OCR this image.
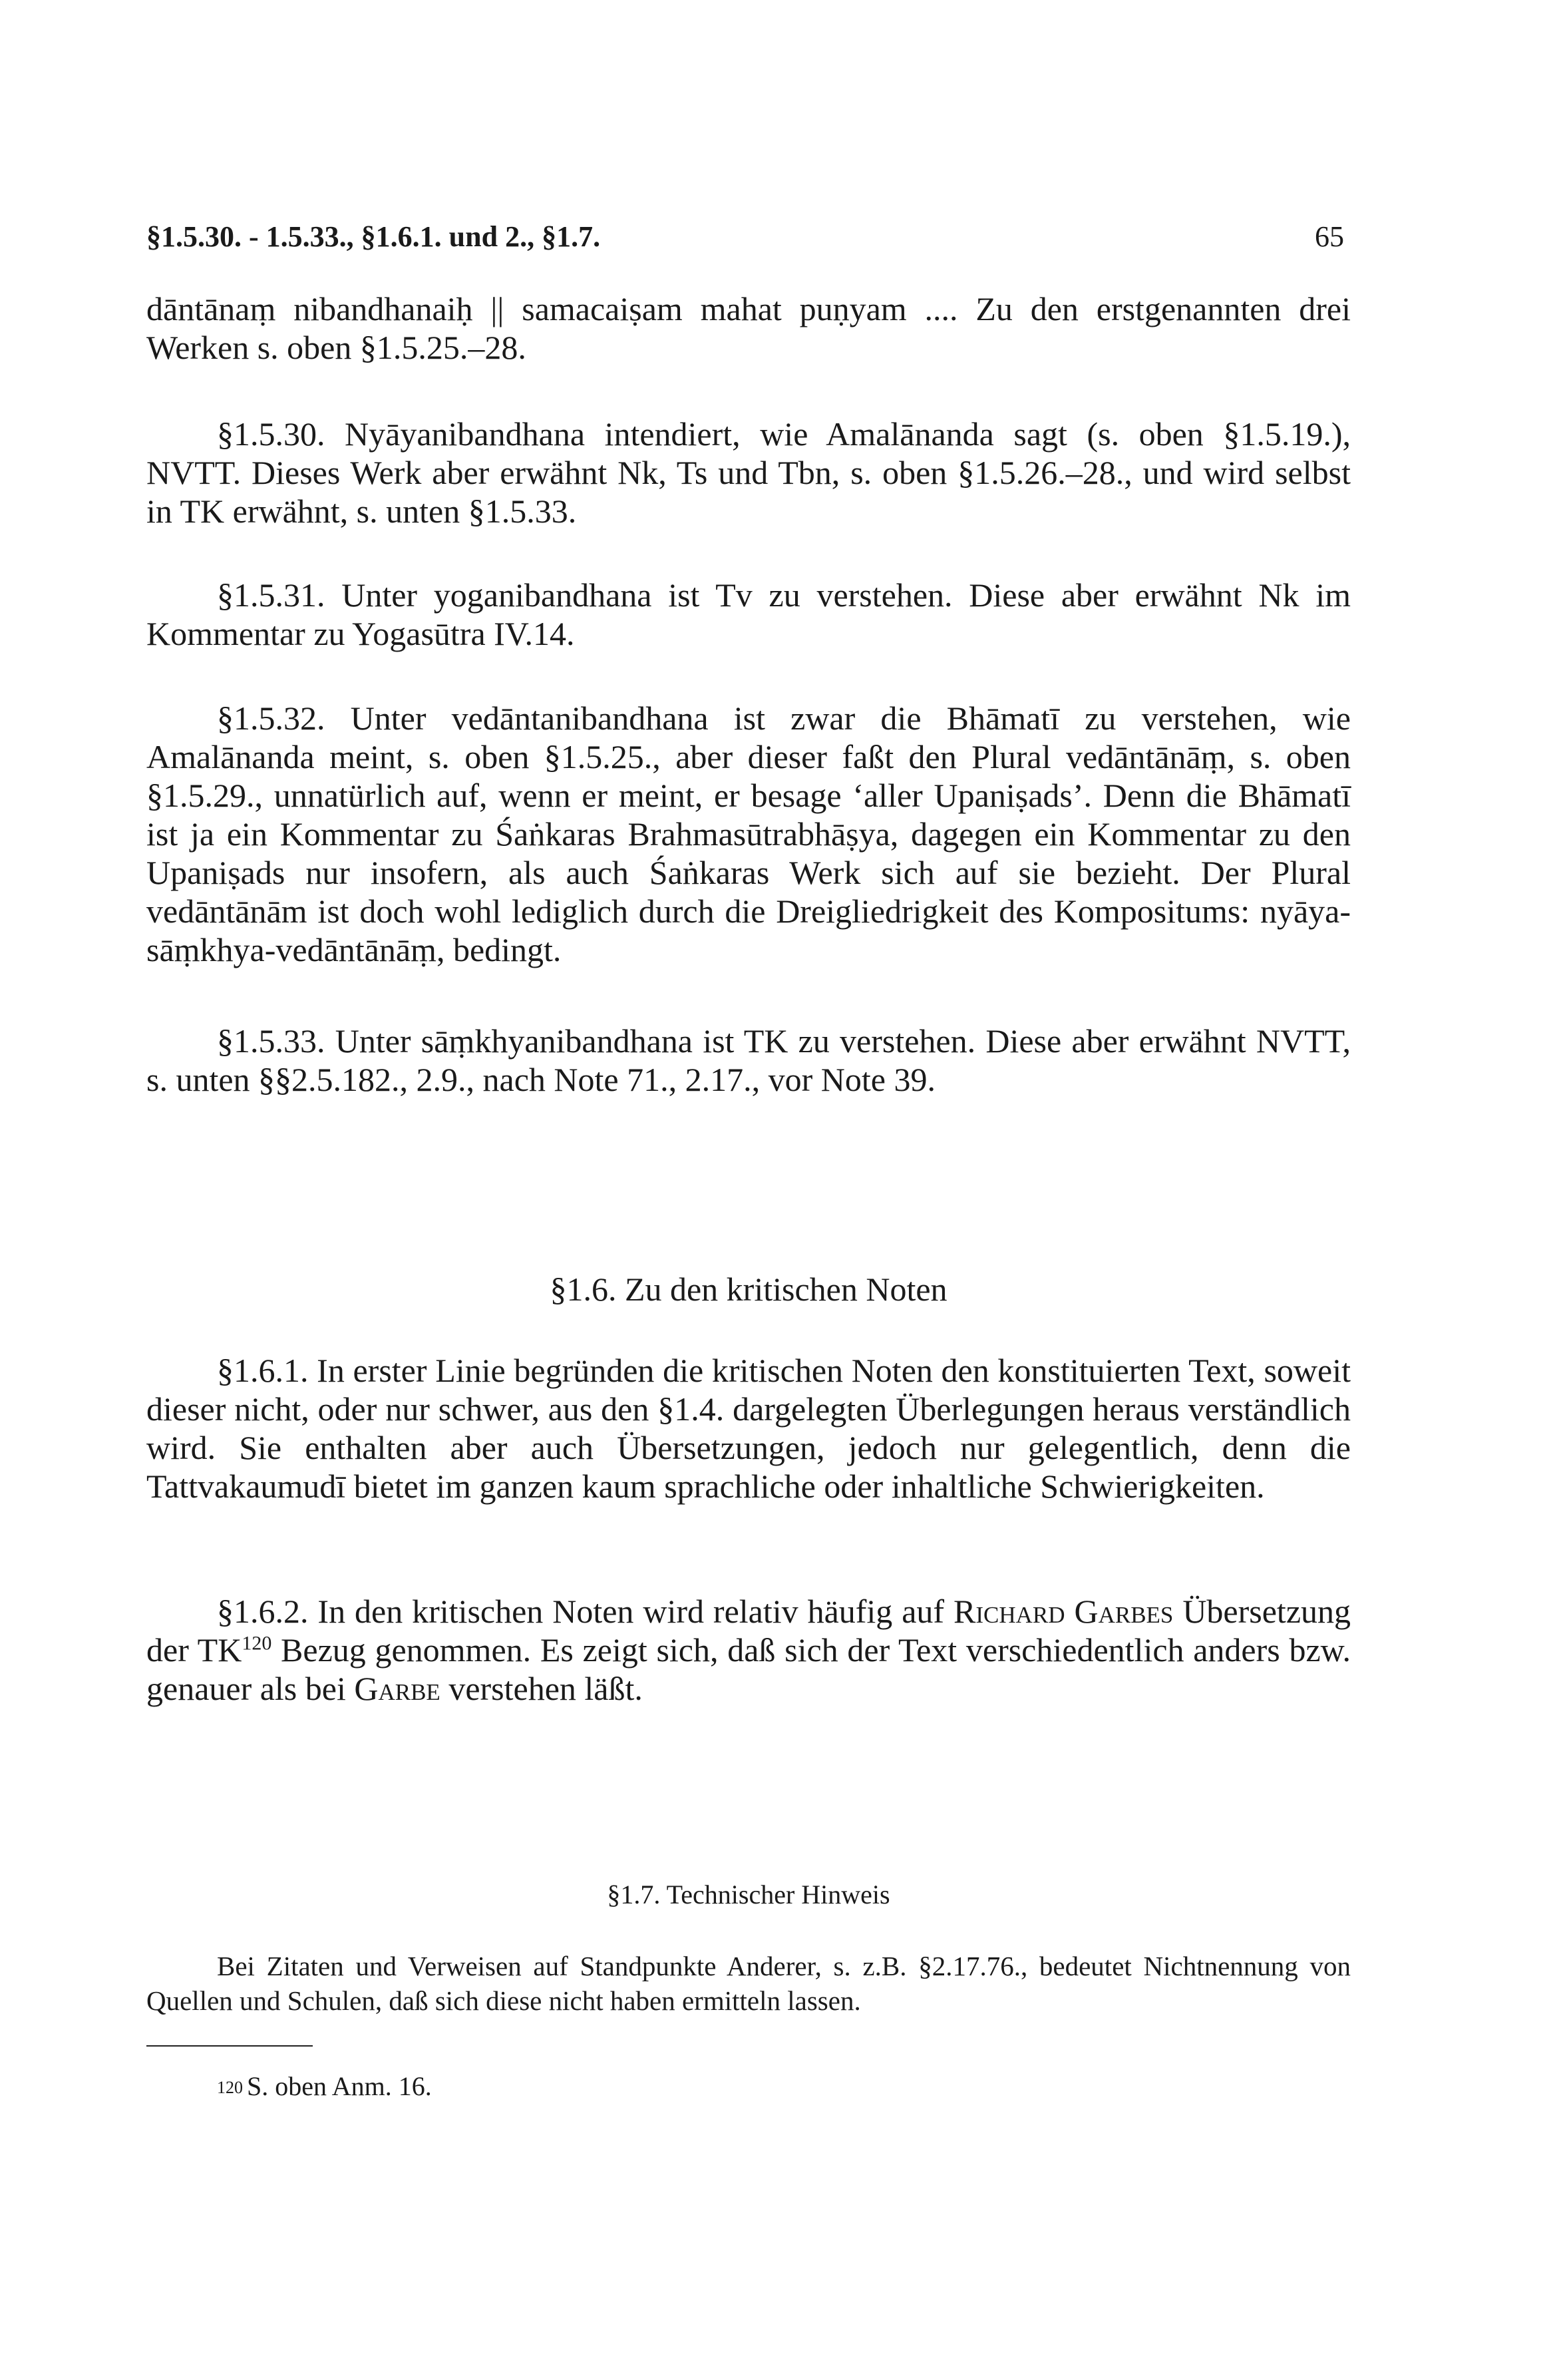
§1.5.30. - 1.5.33., §1.6.1. und 2., §1.7.	65

dāntānaṃ nibandhanaiḥ || samacaiṣam mahat puṇyam .... Zu den erstgenannten drei Werken s. oben §1.5.25.–28.

§1.5.30. Nyāyanibandhana intendiert, wie Amalānanda sagt (s. oben §1.5.19.), NVTT. Dieses Werk aber erwähnt Nk, Ts und Tbn, s. oben §1.5.26.–28., und wird selbst in TK erwähnt, s. unten §1.5.33.

§1.5.31. Unter yoganibandhana ist Tv zu verstehen. Diese aber erwähnt Nk im Kommentar zu Yogasūtra IV.14.

§1.5.32. Unter vedāntanibandhana ist zwar die Bhāmatī zu verstehen, wie Amalānanda meint, s. oben §1.5.25., aber dieser faßt den Plural vedāntānāṃ, s. oben §1.5.29., unnatürlich auf, wenn er meint, er besage ‘aller Upaniṣads’. Denn die Bhāmatī ist ja ein Kommentar zu Śaṅkaras Brahmasūtrabhāṣya, dagegen ein Kommentar zu den Upaniṣads nur insofern, als auch Śaṅkaras Werk sich auf sie bezieht. Der Plural vedāntānām ist doch wohl lediglich durch die Dreigliedrigkeit des Kompositums: nyāya-sāṃkhya-vedāntānāṃ, bedingt.

§1.5.33. Unter sāṃkhyanibandhana ist TK zu verstehen. Diese aber erwähnt NVTT, s. unten §§2.5.182., 2.9., nach Note 71., 2.17., vor Note 39.

§1.6. Zu den kritischen Noten

§1.6.1. In erster Linie begründen die kritischen Noten den konstituierten Text, soweit dieser nicht, oder nur schwer, aus den §1.4. dargelegten Überlegungen heraus verständlich wird. Sie enthalten aber auch Übersetzungen, jedoch nur gelegentlich, denn die Tattvakaumudī bietet im ganzen kaum sprachliche oder inhaltliche Schwierigkeiten.

§1.6.2. In den kritischen Noten wird relativ häufig auf Richard Garbes Übersetzung der TK$^{120}$ Bezug genommen. Es zeigt sich, daß sich der Text verschiedentlich anders bzw. genauer als bei Garbe verstehen läßt.

§1.7. Technischer Hinweis

Bei Zitaten und Verweisen auf Standpunkte Anderer, s. z.B. §2.17.76., bedeutet Nichtnennung von Quellen und Schulen, daß sich diese nicht haben ermitteln lassen.

$^{120}$ S. oben Anm. 16.
